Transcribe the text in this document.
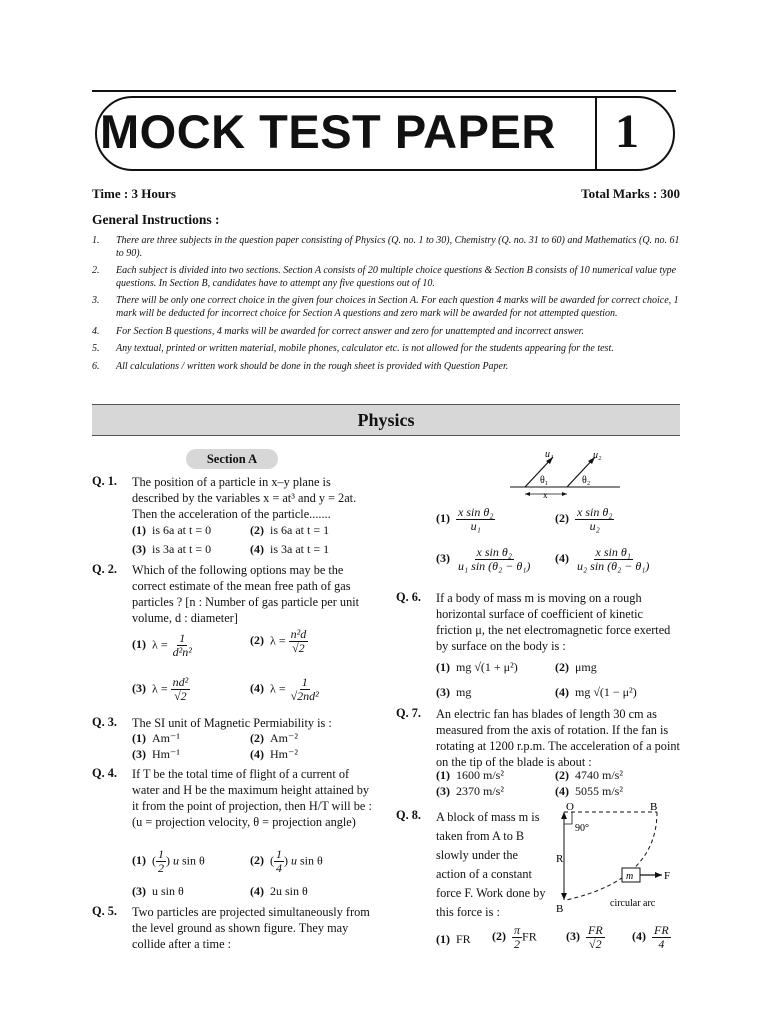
MOCK TEST PAPER 1
Time : 3 Hours	Total Marks : 300
General Instructions :
1.	There are three subjects in the question paper consisting of Physics (Q. no. 1 to 30), Chemistry (Q. no. 31 to 60) and Mathematics (Q. no. 61 to 90).
2.	Each subject is divided into two sections. Section A consists of 20 multiple choice questions & Section B consists of 10 numerical value type questions. In Section B, candidates have to attempt any five questions out of 10.
3.	There will be only one correct choice in the given four choices in Section A. For each question 4 marks will be awarded for correct choice, 1 mark will be deducted for incorrect choice for Section A questions and zero mark will be awarded for not attempted question.
4.	For Section B questions, 4 marks will be awarded for correct answer and zero for unattempted and incorrect answer.
5.	Any textual, printed or written material, mobile phones, calculator etc. is not allowed for the students appearing for the test.
6.	All calculations / written work should be done in the rough sheet is provided with Question Paper.
Physics
Section A
Q. 1. The position of a particle in x–y plane is described by the variables x = at³ and y = 2at. Then the acceleration of the particle.......
(1) is 6a at t = 0	(2) is 6a at t = 1
(3) is 3a at t = 0	(4) is 3a at t = 1
Q. 2. Which of the following options may be the correct estimate of the mean free path of gas particles ? [n : Number of gas particle per unit volume, d : diameter]
(1) $\lambda = \frac{1}{\text{d²n²}}$	(2) $\lambda = \frac{\text{n²d}}{√2}$
(3) $\lambda = \frac{\text{nd²}}{√2}$	(4) $\lambda = \frac{1}{\text{√2nd²}}$
Q. 3. The SI unit of Magnetic Permiability is :
(1) Am⁻¹	(2) Am⁻²
(3) Hm⁻¹	(4) Hm⁻²
Q. 4. If T be the total time of flight of a current of water and H be the maximum height attained by it from the point of projection, then H/T will be : (u = projection velocity, θ = projection angle)
(1) ( $\frac{1}{2}$ ) u sin θ	(2) ( $\frac{1}{4}$ ) u sin θ
(3) u sin θ	(4) 2u sin θ
Q. 5. Two particles are projected simultaneously from the level ground as shown figure. They may collide after a time :
u₁	u₂
θ₁	θ₂
x
$(1) \frac{\text{x sin θ₂}}{\text{u₁}}$	$(2) \frac{\text{x sin θ₂}}{\text{u₂}}$
$(3) \frac{\text{x sin θ₂}}{\text{u₁ sin (θ₂ − θ₁)}} (4) \frac{\text{x sin θ₁}}{\text{u₂ sin (θ₂ − θ₁)}}$
Q. 6. If a body of mass m is moving on a rough horizontal surface of coefficient of kinetic friction μ, the net electromagnetic force exerted by surface on the body is :
(1) mg √(1 + μ²)	(2) μmg
(3) mg	(4) mg √(1 − μ²)
Q. 7. An electric fan has blades of length 30 cm as measured from the axis of rotation. If the fan is rotating at 1200 r.p.m. The acceleration of a point on the tip of the blade is about :
(1) 1600 m/s²	(2) 4740 m/s²
(3) 2370 m/s²	(4) 5055 m/s²
Q. 8. A block of mass m is taken from A to B slowly under the action of a constant force F. Work done by this force is :
O	B
90°
R
B
m	F
circular arc
(1) FR $(2) \frac{\pi}{2}$ FR $(3) \frac{FR}{√2} (4) \frac{FR}{4}$
